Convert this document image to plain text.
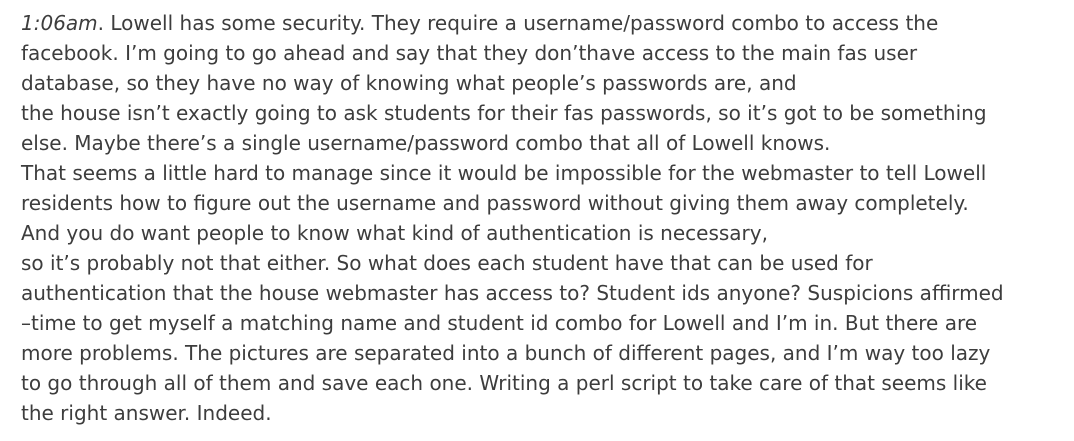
1:06am. Lowell has some security. They require a username/password combo to access the
facebook. I’m going to go ahead and say that they don’thave access to the main fas user
database, so they have no way of knowing what people’s passwords are, and
the house isn’t exactly going to ask students for their fas passwords, so it’s got to be something
else. Maybe there’s a single username/password combo that all of Lowell knows.
That seems a little hard to manage since it would be impossible for the webmaster to tell Lowell
residents how to figure out the username and password without giving them away completely.
And you do want people to know what kind of authentication is necessary,
so it’s probably not that either. So what does each student have that can be used for
authentication that the house webmaster has access to? Student ids anyone? Suspicions affirmed
–time to get myself a matching name and student id combo for Lowell and I’m in. But there are
more problems. The pictures are separated into a bunch of different pages, and I’m way too lazy
to go through all of them and save each one. Writing a perl script to take care of that seems like
the right answer. Indeed.
